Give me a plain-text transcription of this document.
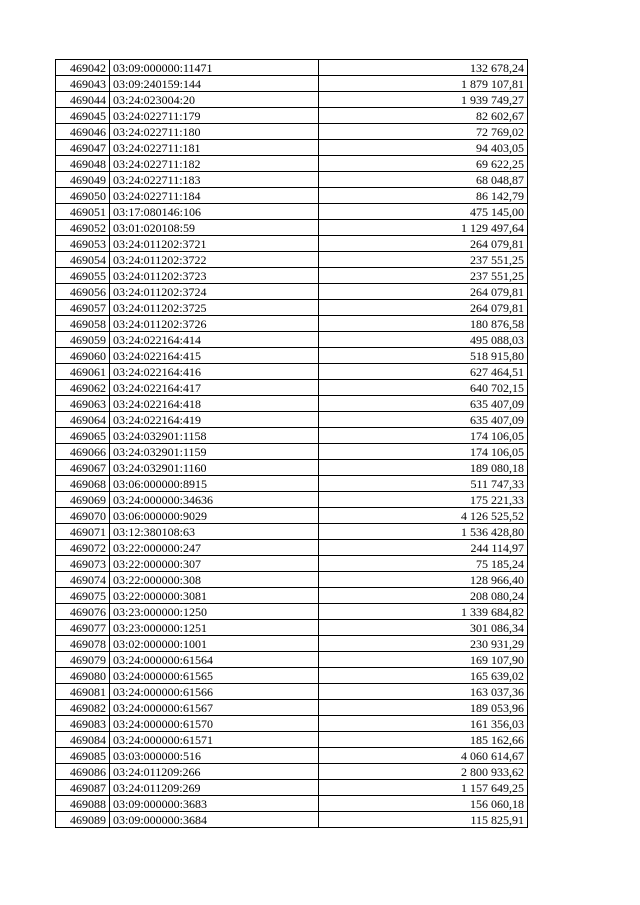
469042	03:09:000000:11471	132 678,24
469043	03:09:240159:144	1 879 107,81
469044	03:24:023004:20	1 939 749,27
469045	03:24:022711:179	82 602,67
469046	03:24:022711:180	72 769,02
469047	03:24:022711:181	94 403,05
469048	03:24:022711:182	69 622,25
469049	03:24:022711:183	68 048,87
469050	03:24:022711:184	86 142,79
469051	03:17:080146:106	475 145,00
469052	03:01:020108:59	1 129 497,64
469053	03:24:011202:3721	264 079,81
469054	03:24:011202:3722	237 551,25
469055	03:24:011202:3723	237 551,25
469056	03:24:011202:3724	264 079,81
469057	03:24:011202:3725	264 079,81
469058	03:24:011202:3726	180 876,58
469059	03:24:022164:414	495 088,03
469060	03:24:022164:415	518 915,80
469061	03:24:022164:416	627 464,51
469062	03:24:022164:417	640 702,15
469063	03:24:022164:418	635 407,09
469064	03:24:022164:419	635 407,09
469065	03:24:032901:1158	174 106,05
469066	03:24:032901:1159	174 106,05
469067	03:24:032901:1160	189 080,18
469068	03:06:000000:8915	511 747,33
469069	03:24:000000:34636	175 221,33
469070	03:06:000000:9029	4 126 525,52
469071	03:12:380108:63	1 536 428,80
469072	03:22:000000:247	244 114,97
469073	03:22:000000:307	75 185,24
469074	03:22:000000:308	128 966,40
469075	03:22:000000:3081	208 080,24
469076	03:23:000000:1250	1 339 684,82
469077	03:23:000000:1251	301 086,34
469078	03:02:000000:1001	230 931,29
469079	03:24:000000:61564	169 107,90
469080	03:24:000000:61565	165 639,02
469081	03:24:000000:61566	163 037,36
469082	03:24:000000:61567	189 053,96
469083	03:24:000000:61570	161 356,03
469084	03:24:000000:61571	185 162,66
469085	03:03:000000:516	4 060 614,67
469086	03:24:011209:266	2 800 933,62
469087	03:24:011209:269	1 157 649,25
469088	03:09:000000:3683	156 060,18
469089	03:09:000000:3684	115 825,91
